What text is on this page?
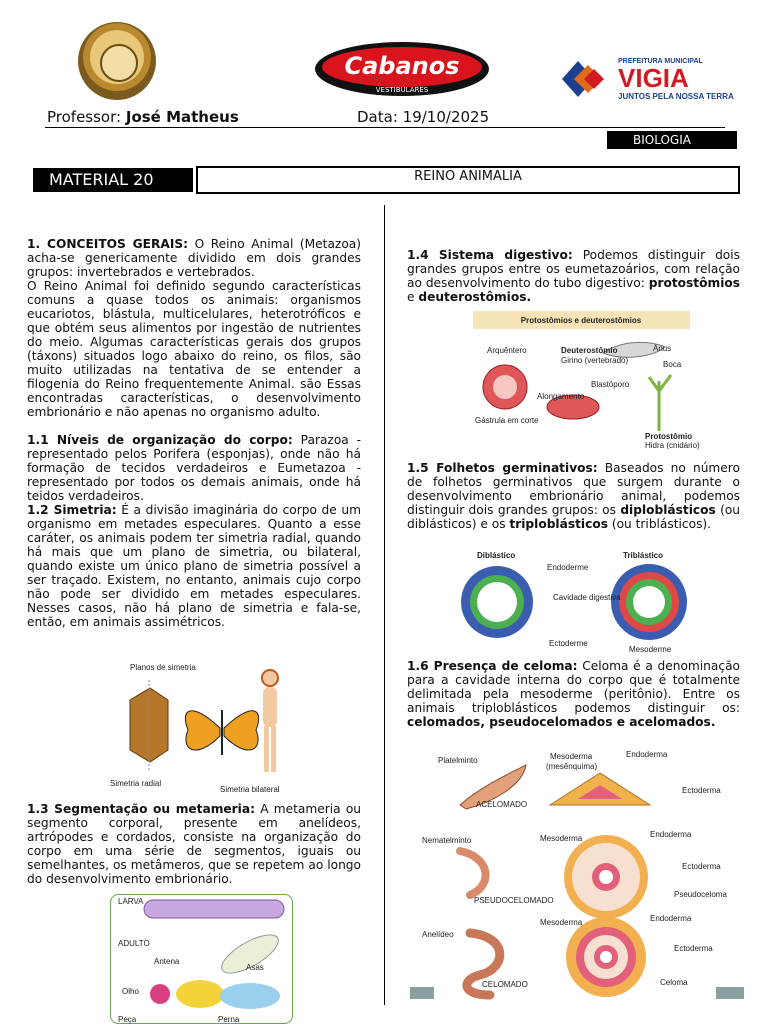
Cabanos
VESTIBULARES
PREFEITURA MUNICIPAL
VIGIA
JUNTOS PELA NOSSA TERRA
Professor: José Matheus	Data: 19/10/2025
BIOLOGIA
MATERIAL 20	REINO ANIMALIA

1. CONCEITOS GERAIS: O Reino Animal (Metazoa) acha-se genericamente dividido em dois grandes grupos: invertebrados e vertebrados.

O Reino Animal foi definido segundo características comuns a quase todos os animais: organismos eucariotos, blástula, multicelulares, heterotróficos e que obtém seus alimentos por ingestão de nutrientes do meio. Algumas características gerais dos grupos (táxons) situados logo abaixo do reino, os filos, são muito utilizadas na tentativa de se entender a filogenia do Reino frequentemente Animal. são Essas encontradas características, o desenvolvimento embrionário e não apenas no organismo adulto.

1.1 Níveis de organização do corpo: Parazoa - representado pelos Porifera (esponjas), onde não há formação de tecidos verdadeiros e Eumetazoa - representado por todos os demais animais, onde há teidos verdadeiros.

1.2 Simetria: É a divisão imaginária do corpo de um organismo em metades especulares. Quanto a esse caráter, os animais podem ter simetria radial, quando há mais que um plano de simetria, ou bilateral, quando existe um único plano de simetria possível a ser traçado. Existem, no entanto, animais cujo corpo não pode ser dividido em metades especulares. Nesses casos, não há plano de simetria e fala-se, então, em animais assimétricos.

Planos de simetria
Simetria radial
Simetria bilateral

1.3 Segmentação ou metameria: A metameria ou segmento corporal, presente em anelídeos, artrópodes e cordados, consiste na organização do corpo em uma série de segmentos, iguais ou semelhantes, os metâmeros, que se repetem ao longo do desenvolvimento embrionário.

LARVA
ADULTO
Antena
Asas
Olho
Peça	Perna

1.4 Sistema digestivo: Podemos distinguir dois grandes grupos entre os eumetazoários, com relação ao desenvolvimento do tubo digestivo: protostômios e deuterostômios.

Protostômios e deuterostômios
Arquêntero	Deuterostômio
Girino (vertebrado)
Ânus
Boca
Blastóporo
Gástrula em corte
Alongamento
Protostômio
Hidra (cnidário)

1.5 Folhetos germinativos: Baseados no número de folhetos germinativos que surgem durante o desenvolvimento embrionário animal, podemos distinguir dois grandes grupos: os diploblásticos (ou diblásticos) e os triploblásticos (ou triblásticos).

Diblástico	Triblástico
Endoderme
Cavidade digestiva
Ectoderme
Mesoderme

1.6 Presença de celoma: Celoma é a denominação para a cavidade interna do corpo que é totalmente delimitada pela mesoderme (peritônio). Entre os animais triploblásticos podemos distinguir os: celomados, pseudocelomados e acelomados.

Platelminto	Mesoderma
(mesênquima)
Endoderma
Ectoderma
ACELOMADO
Nematelminto	Mesoderma	Endoderma
Ectoderma
Pseudoceloma
PSEUDOCELOMADO
Anelídeo
Mesoderma	Endoderma
Ectoderma
Celoma
CELOMADO
